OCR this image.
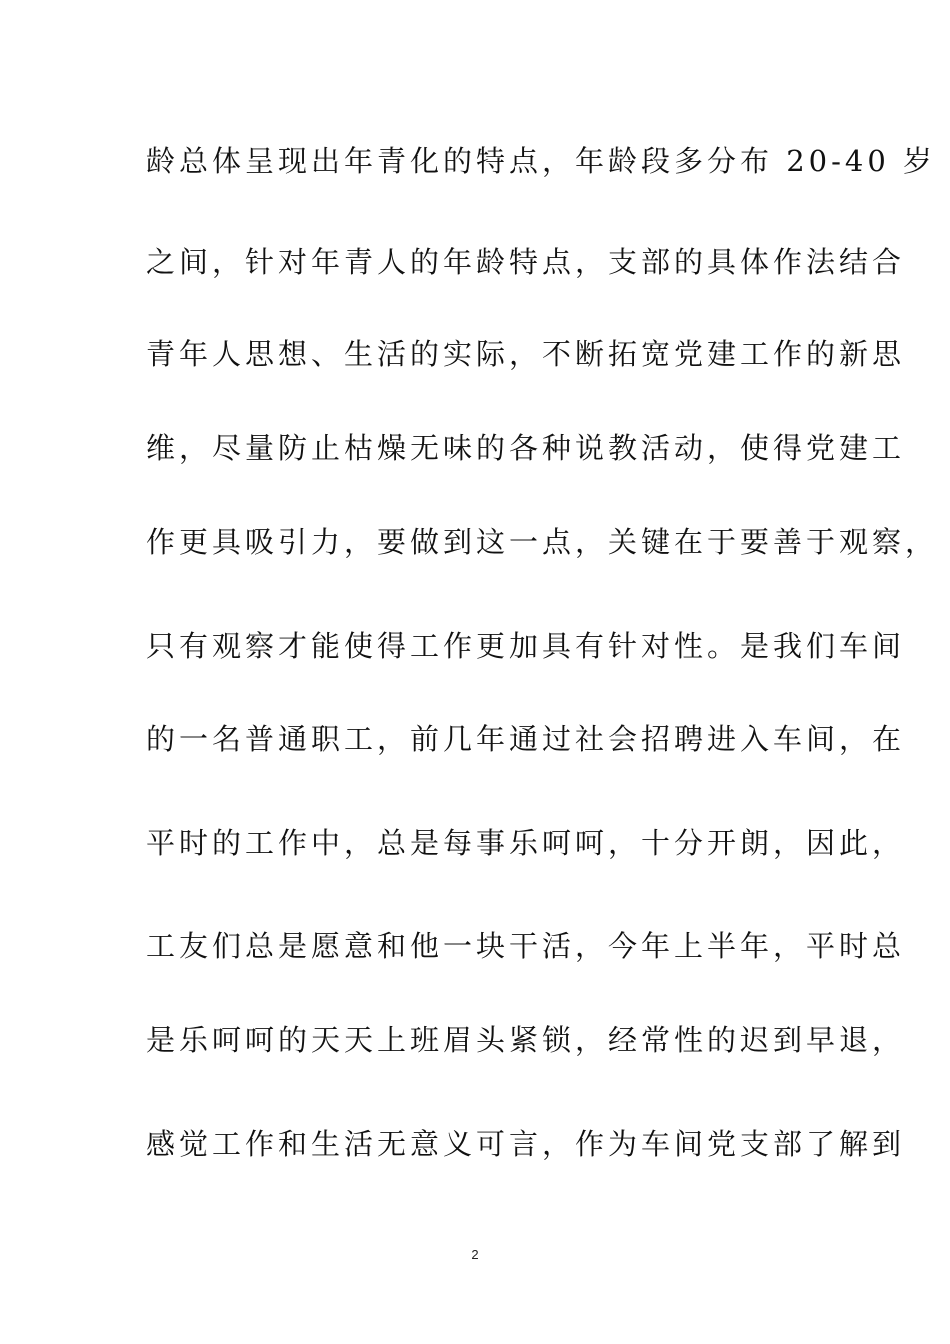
龄总体呈现出年青化的特点，年龄段多分布 20-40 岁
之间，针对年青人的年龄特点，支部的具体作法结合
青年人思想、生活的实际，不断拓宽党建工作的新思
维，尽量防止枯燥无味的各种说教活动，使得党建工
作更具吸引力，要做到这一点，关键在于要善于观察，
只有观察才能使得工作更加具有针对性。是我们车间
的一名普通职工，前几年通过社会招聘进入车间，在
平时的工作中，总是每事乐呵呵，十分开朗，因此，
工友们总是愿意和他一块干活，今年上半年，平时总
是乐呵呵的天天上班眉头紧锁，经常性的迟到早退，
感觉工作和生活无意义可言，作为车间党支部了解到
2
